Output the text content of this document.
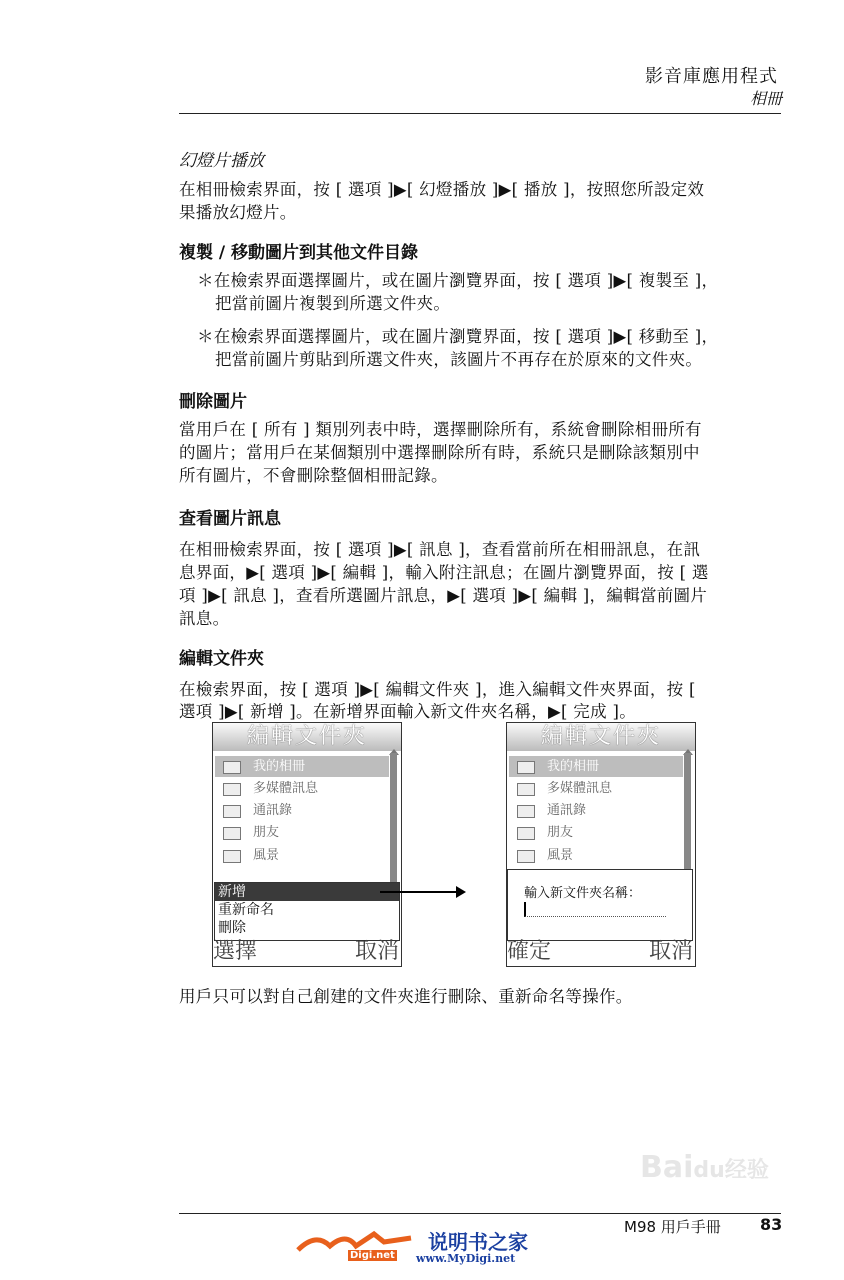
影音庫應用程式
相冊
幻燈片播放
在相冊檢索界面，按 [ 選項 ]▶[ 幻燈播放 ]▶[ 播放 ]，按照您所設定效
果播放幻燈片。
複製 / 移動圖片到其他文件目錄
＊在檢索界面選擇圖片，或在圖片瀏覽界面，按 [ 選項 ]▶[ 複製至 ]，
把當前圖片複製到所選文件夾。
＊在檢索界面選擇圖片，或在圖片瀏覽界面，按 [ 選項 ]▶[ 移動至 ]，
把當前圖片剪貼到所選文件夾，該圖片不再存在於原來的文件夾。
刪除圖片
當用戶在 [ 所有 ] 類別列表中時，選擇刪除所有，系統會刪除相冊所有
的圖片；當用戶在某個類別中選擇刪除所有時，系統只是刪除該類別中
所有圖片，不會刪除整個相冊記錄。
查看圖片訊息
在相冊檢索界面，按 [ 選項 ]▶[ 訊息 ]，查看當前所在相冊訊息，在訊
息界面，▶[ 選項 ]▶[ 編輯 ]，輸入附注訊息；在圖片瀏覽界面，按 [ 選
項 ]▶[ 訊息 ]，查看所選圖片訊息，▶[ 選項 ]▶[ 編輯 ]，編輯當前圖片
訊息。
編輯文件夾
在檢索界面，按 [ 選項 ]▶[ 編輯文件夾 ]，進入編輯文件夾界面，按 [
選項 ]▶[ 新增 ]。在新增界面輸入新文件夾名稱，▶[ 完成 ]。
編輯文件夾
我的相冊
多媒體訊息
通訊錄
朋友
風景
新增
重新命名
刪除
選擇	取消
編輯文件夾
我的相冊
多媒體訊息
通訊錄
朋友
風景
輸入新文件夾名稱：
確定	取消
用戶只可以對自己創建的文件夾進行刪除、重新命名等操作。
Baidu经验
M98 用戶手冊 83
Digi.net
说明书之家
www.MyDigi.net
